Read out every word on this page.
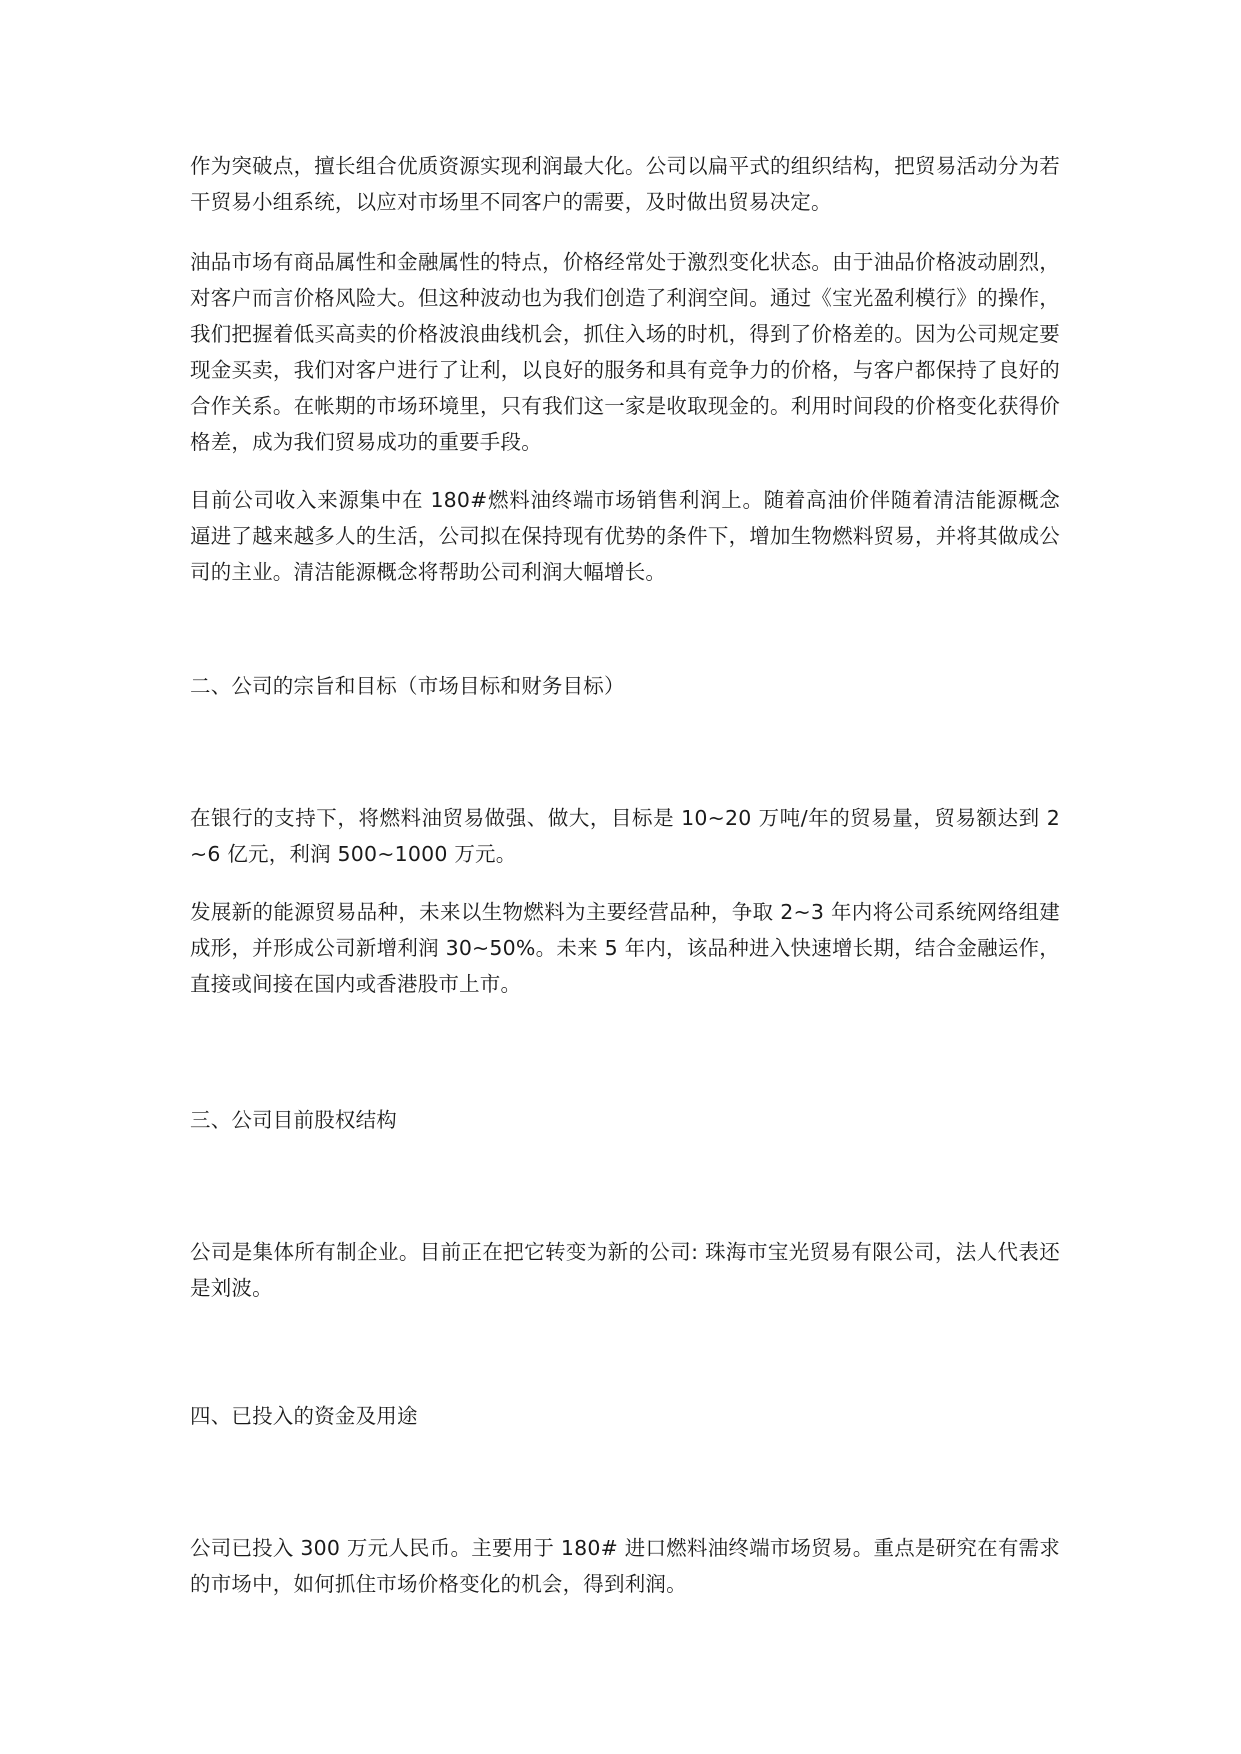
作为突破点，擅长组合优质资源实现利润最大化。公司以扁平式的组织结构，把贸易活动分为若干贸易小组系统，以应对市场里不同客户的需要，及时做出贸易决定。

油品市场有商品属性和金融属性的特点，价格经常处于激烈变化状态。由于油品价格波动剧烈，对客户而言价格风险大。但这种波动也为我们创造了利润空间。通过《宝光盈利模行》的操作，我们把握着低买高卖的价格波浪曲线机会，抓住入场的时机，得到了价格差的。因为公司规定要现金买卖，我们对客户进行了让利，以良好的服务和具有竞争力的价格，与客户都保持了良好的合作关系。在帐期的市场环境里，只有我们这一家是收取现金的。利用时间段的价格变化获得价格差，成为我们贸易成功的重要手段。

目前公司收入来源集中在 180#燃料油终端市场销售利润上。随着高油价伴随着清洁能源概念逼进了越来越多人的生活，公司拟在保持现有优势的条件下，增加生物燃料贸易，并将其做成公司的主业。清洁能源概念将帮助公司利润大幅增长。

二、公司的宗旨和目标（市场目标和财务目标）

在银行的支持下，将燃料油贸易做强、做大，目标是 10~20 万吨/年的贸易量，贸易额达到 2~6 亿元，利润 500~1000 万元。

发展新的能源贸易品种，未来以生物燃料为主要经营品种，争取 2~3 年内将公司系统网络组建成形，并形成公司新增利润 30~50%。未来 5 年内，该品种进入快速增长期，结合金融运作，直接或间接在国内或香港股市上市。

三、公司目前股权结构

公司是集体所有制企业。目前正在把它转变为新的公司: 珠海市宝光贸易有限公司，法人代表还是刘波。

四、已投入的资金及用途

公司已投入 300 万元人民币。主要用于 180# 进口燃料油终端市场贸易。重点是研究在有需求的市场中，如何抓住市场价格变化的机会，得到利润。
